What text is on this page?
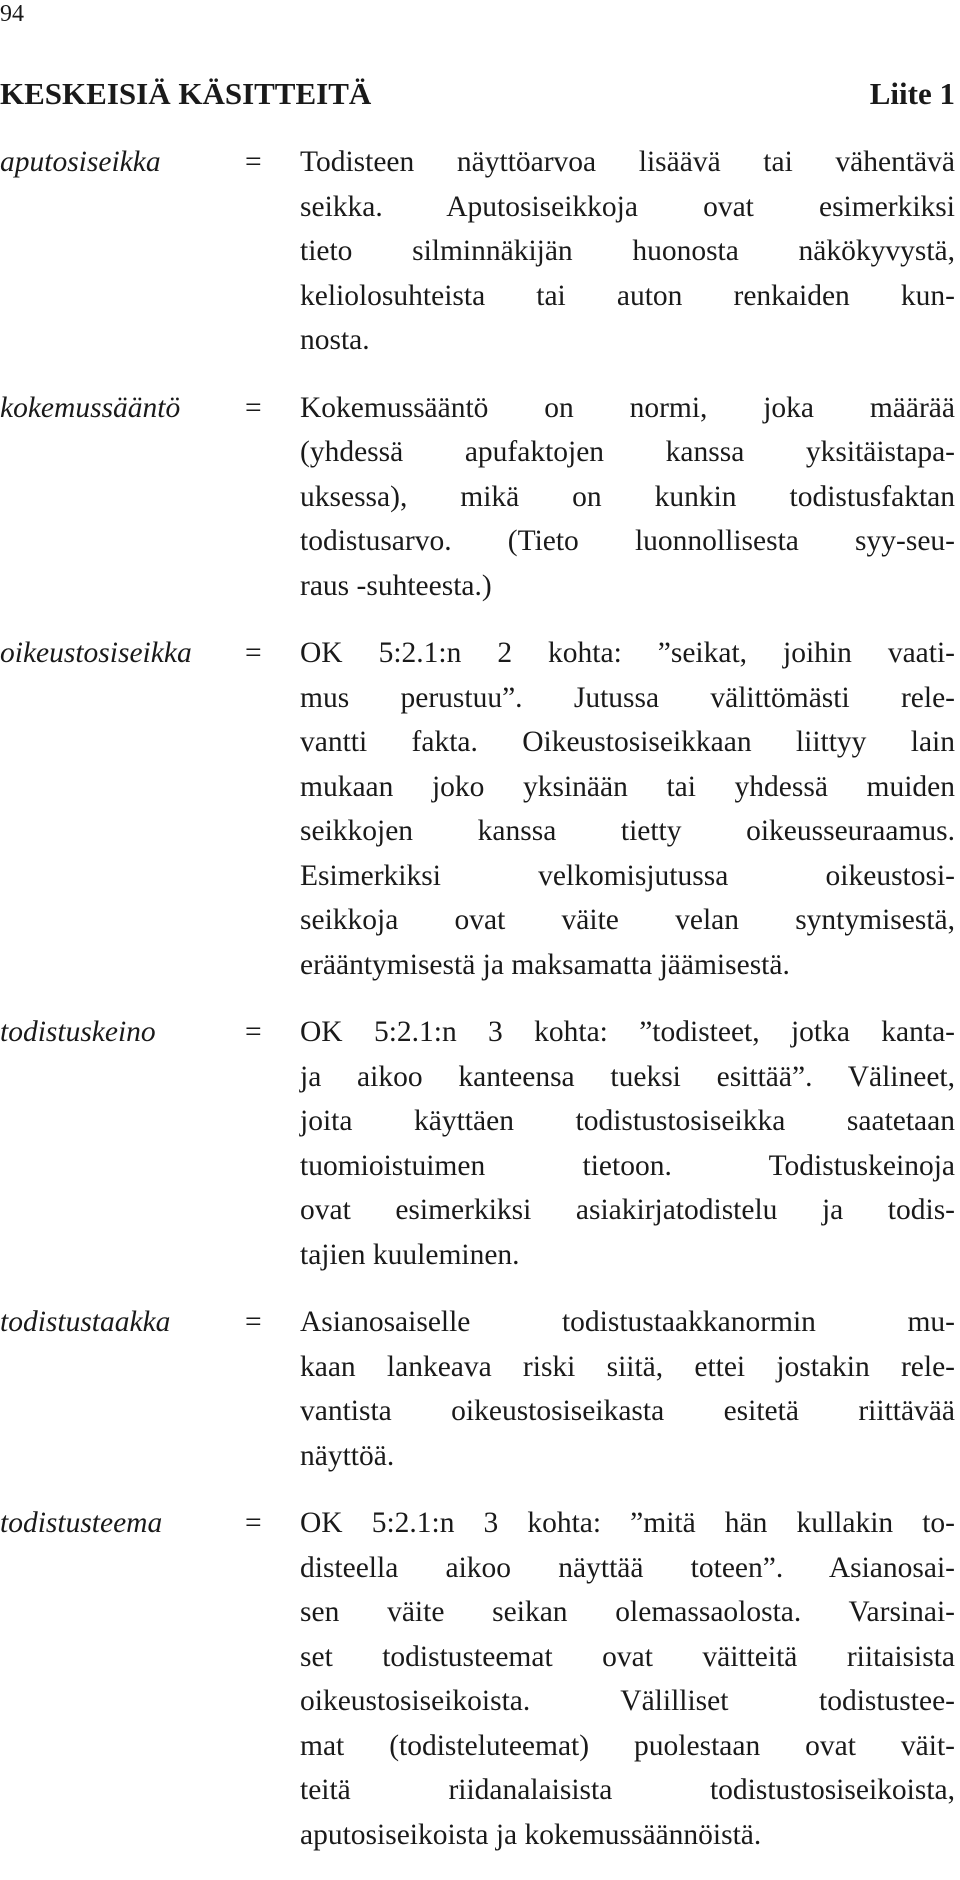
94
KESKEISIÄ KÄSITTEITÄ	Liite 1
aputosiseikka	=	Todisteen näyttöarvoa lisäävä tai vähentävä
seikka. Aputosiseikkoja ovat esimerkiksi
tieto silminnäkijän huonosta näkökyvystä,
keliolosuhteista tai auton renkaiden kun-
nosta.
kokemussääntö	=	Kokemussääntö on normi, joka määrää
(yhdessä apufaktojen kanssa yksitäistapa-
uksessa), mikä on kunkin todistusfaktan
todistusarvo. (Tieto luonnollisesta syy-seu-
raus -suhteesta.)
oikeustosiseikka	=	OK 5:2.1:n 2 kohta: ”seikat, joihin vaati-
mus perustuu”. Jutussa välittömästi rele-
vantti fakta. Oikeustosiseikkaan liittyy lain
mukaan joko yksinään tai yhdessä muiden
seikkojen kanssa tietty oikeusseuraamus.
Esimerkiksi velkomisjutussa oikeustosi-
seikkoja ovat väite velan syntymisestä,
erääntymisestä ja maksamatta jäämisestä.
todistuskeino	=	OK 5:2.1:n 3 kohta: ”todisteet, jotka kanta-
ja aikoo kanteensa tueksi esittää”. Välineet,
joita käyttäen todistustosiseikka saatetaan
tuomioistuimen tietoon. Todistuskeinoja
ovat esimerkiksi asiakirjatodistelu ja todis-
tajien kuuleminen.
todistustaakka	=	Asianosaiselle todistustaakkanormin mu-
kaan lankeava riski siitä, ettei jostakin rele-
vantista oikeustosiseikasta esitetä riittävää
näyttöä.
todistusteema	=	OK 5:2.1:n 3 kohta: ”mitä hän kullakin to-
disteella aikoo näyttää toteen”. Asianosai-
sen väite seikan olemassaolosta. Varsinai-
set todistusteemat ovat väitteitä riitaisista
oikeustosiseikoista. Välilliset todistustee-
mat (todisteluteemat) puolestaan ovat väit-
teitä riidanalaisista todistustosiseikoista,
aputosiseikoista ja kokemussäännöistä.
